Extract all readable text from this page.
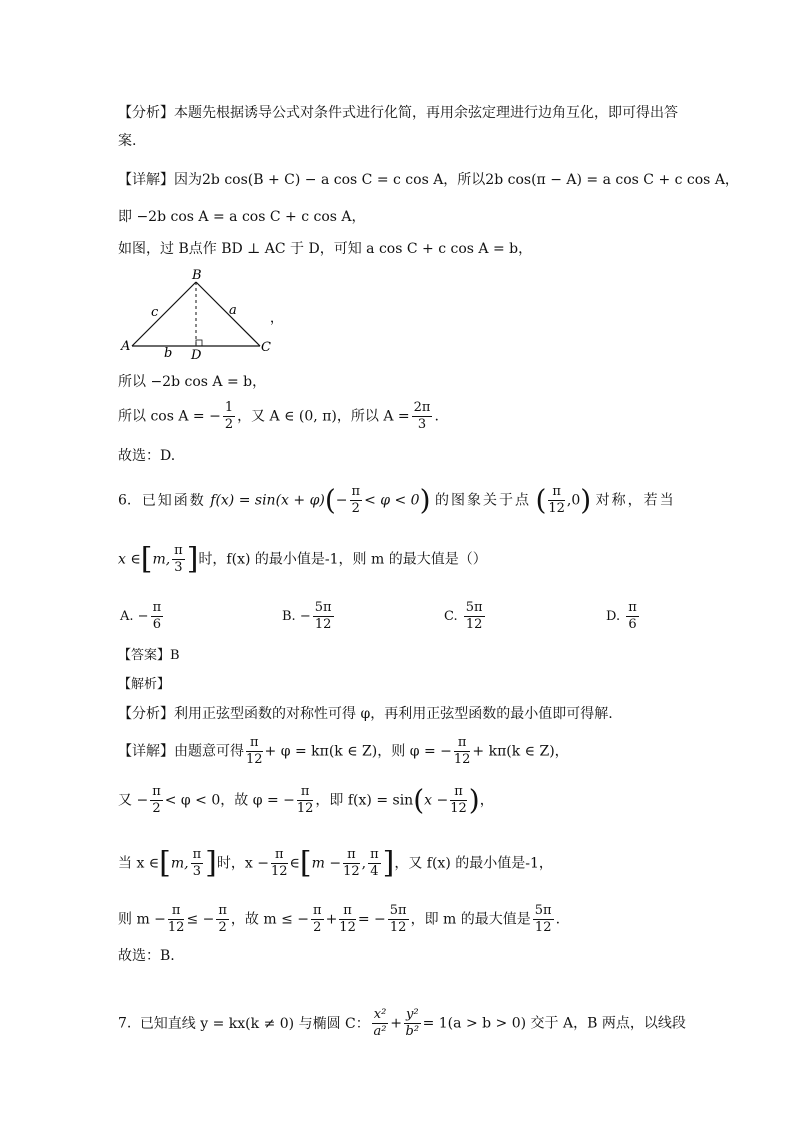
【分析】本题先根据诱导公式对条件式进行化简，再用余弦定理进行边角互化，即可得出答
案.
【详解】因为2b cos(B + C) − a cos C = c cos A，所以2b cos(π − A) = a cos C + c cos A，
即 −2b cos A = a cos C + c cos A，
如图，过 B点作 BD ⊥ AC 于 D，可知 a cos C + c cos A = b，
B
A	C
D
c	a
b
，
所以 −2b cos A = b，
所以 cos A = − $\frac{1}{2}$ ，又 A ∈ (0, π)，所以 $A = \frac{2\pi}{3}$ .
故选：D.
6. 已知函数 $f(x) = \sin(x + \varphi)(- \frac{\pi}{2} < \varphi < 0)$ 的图象关于点 ( $\frac{\pi}{12} ,0$) 对称，若当
x ∈[m, $\frac{\pi}{3}$ ]时，f(x) 的最小值是-1，则 m 的最大值是（）
A. − $\frac{\pi}{6}$	B. − $\frac{5\pi}{12}$	C. $\frac{5\pi}{12}$	D. $\frac{\pi}{6}$
【答案】B
【解析】
【分析】利用正弦型函数的对称性可得 φ，再利用正弦型函数的最小值即可得解.
【详解】由题意可得 $\frac{\pi}{12} + \varphi = k\pi(k$ ∈ Z)，则 φ = − $\frac{\pi}{12} + k\pi(k$ ∈ Z)，
又 − $\frac{\pi}{2} < \varphi < 0$，故 φ = − $\frac{\pi}{12}$ ，即 $f(x) = \sin(x - \frac{\pi}{12}$ )，
当 x ∈[m, $\frac{\pi}{3}$ ]时，$x - \frac{\pi}{12}$ ∈[m − $\frac{\pi}{12}$ , $\frac{\pi}{4}$ ]，又 f(x) 的最小值是-1，
则 $m - \frac{\pi}{12}$ ≤ − $\frac{\pi}{2}$ ，故 m ≤ − $\frac{\pi}{2} + \frac{\pi}{12}$ = − $\frac{5\pi}{12}$ ，即 m 的最大值是 $\frac{5\pi}{12}$ .
故选：B.
7. 已知直线 y = kx(k ≠ 0) 与椭圆 C： $\frac{\text{x²}}{\text{a²}} + \frac{\text{y²}}{\text{b²}} = 1(a > b > 0)$ 交于 A，B 两点，以线段
